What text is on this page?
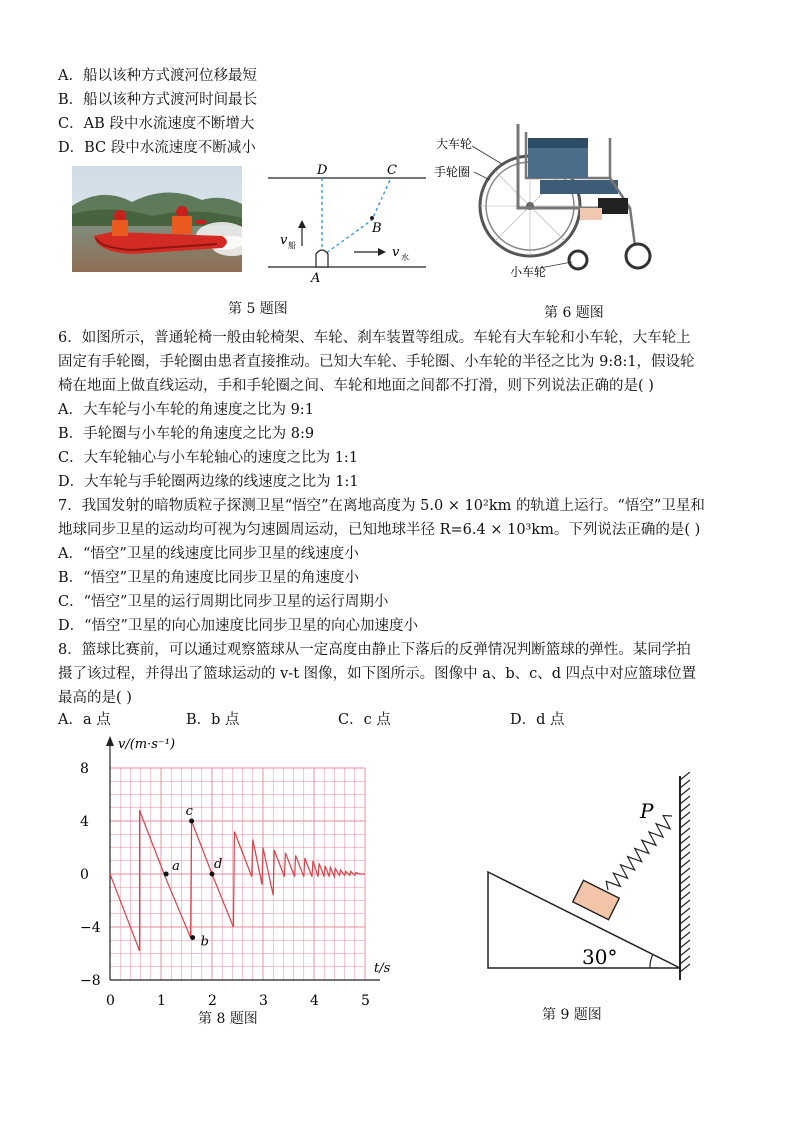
A．船以该种方式渡河位移最短
B．船以该种方式渡河时间最长
C．AB 段中水流速度不断增大
D．BC 段中水流速度不断减小
D	C
B
A
v 船	v 水
第 5 题图
大车轮
手轮圈
小车轮
第 6 题图
6．如图所示，普通轮椅一般由轮椅架、车轮、刹车装置等组成。车轮有大车轮和小车轮，大车轮上
固定有手轮圈，手轮圈由患者直接推动。已知大车轮、手轮圈、小车轮的半径之比为 9:8:1，假设轮
椅在地面上做直线运动，手和手轮圈之间、车轮和地面之间都不打滑，则下列说法正确的是( )
A．大车轮与小车轮的角速度之比为 9:1
B．手轮圈与小车轮的角速度之比为 8:9
C．大车轮轴心与小车轮轴心的速度之比为 1:1
D．大车轮与手轮圈两边缘的线速度之比为 1:1
7．我国发射的暗物质粒子探测卫星“悟空”在离地高度为 5.0 × 10²km 的轨道上运行。“悟空”卫星和
地球同步卫星的运动均可视为匀速圆周运动，已知地球半径 R=6.4 × 10³km。下列说法正确的是( )
A．“悟空”卫星的线速度比同步卫星的线速度小
B．“悟空”卫星的角速度比同步卫星的角速度小
C．“悟空”卫星的运行周期比同步卫星的运行周期小
D．“悟空”卫星的向心加速度比同步卫星的向心加速度小
8．篮球比赛前，可以通过观察篮球从一定高度由静止下落后的反弹情况判断篮球的弹性。某同学拍
摄了该过程，并得出了篮球运动的 v-t 图像，如下图所示。图像中 a、b、c、d 四点中对应篮球位置
最高的是( )
A．a 点	B．b 点	C．c 点	D．d 点
v/(m·s⁻¹)
t/s
8
4
0
−4
−8
0	1	2	3	4	5
a
b
c
d
第 8 题图
P
30°
第 9 题图
